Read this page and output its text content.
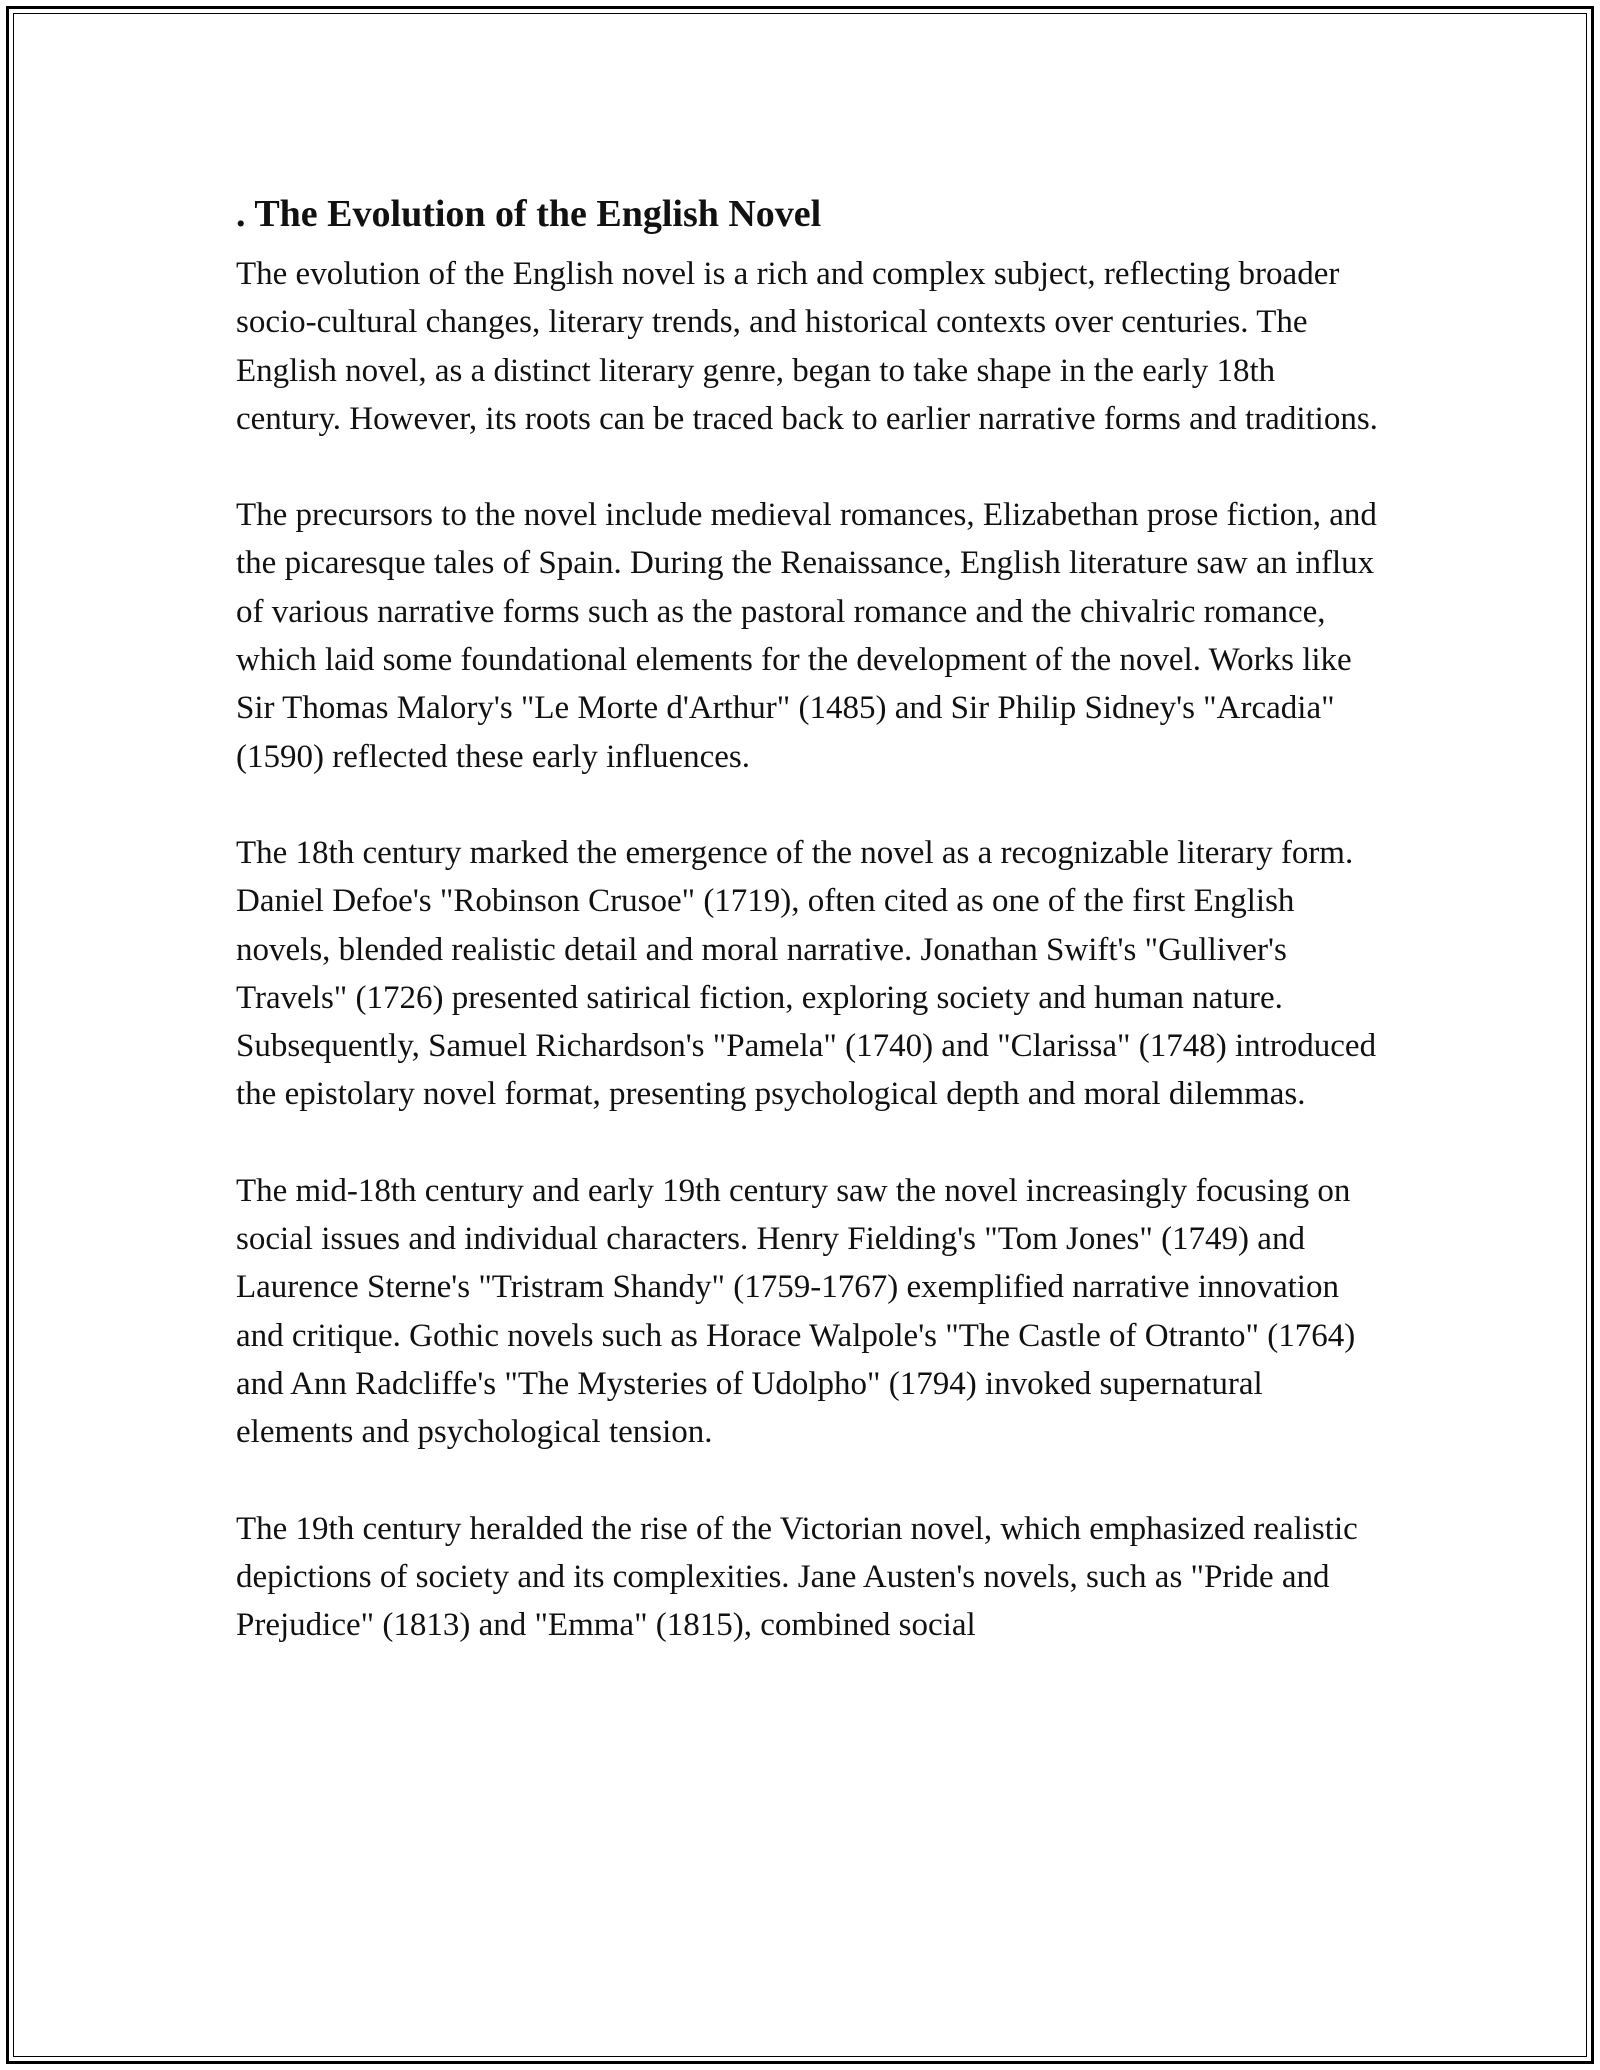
. The Evolution of the English Novel

The evolution of the English novel is a rich and complex subject, reflecting broader socio-cultural changes, literary trends, and historical contexts over centuries. The English novel, as a distinct literary genre, began to take shape in the early 18th century. However, its roots can be traced back to earlier narrative forms and traditions.

The precursors to the novel include medieval romances, Elizabethan prose fiction, and the picaresque tales of Spain. During the Renaissance, English literature saw an influx of various narrative forms such as the pastoral romance and the chivalric romance, which laid some foundational elements for the development of the novel. Works like Sir Thomas Malory's "Le Morte d'Arthur" (1485) and Sir Philip Sidney's "Arcadia" (1590) reflected these early influences.

The 18th century marked the emergence of the novel as a recognizable literary form. Daniel Defoe's "Robinson Crusoe" (1719), often cited as one of the first English novels, blended realistic detail and moral narrative. Jonathan Swift's "Gulliver's Travels" (1726) presented satirical fiction, exploring society and human nature. Subsequently, Samuel Richardson's "Pamela" (1740) and "Clarissa" (1748) introduced the epistolary novel format, presenting psychological depth and moral dilemmas.

The mid-18th century and early 19th century saw the novel increasingly focusing on social issues and individual characters. Henry Fielding's "Tom Jones" (1749) and Laurence Sterne's "Tristram Shandy" (1759-1767) exemplified narrative innovation and critique. Gothic novels such as Horace Walpole's "The Castle of Otranto" (1764) and Ann Radcliffe's "The Mysteries of Udolpho" (1794) invoked supernatural elements and psychological tension.

The 19th century heralded the rise of the Victorian novel, which emphasized realistic depictions of society and its complexities. Jane Austen's novels, such as "Pride and Prejudice" (1813) and "Emma" (1815), combined social
